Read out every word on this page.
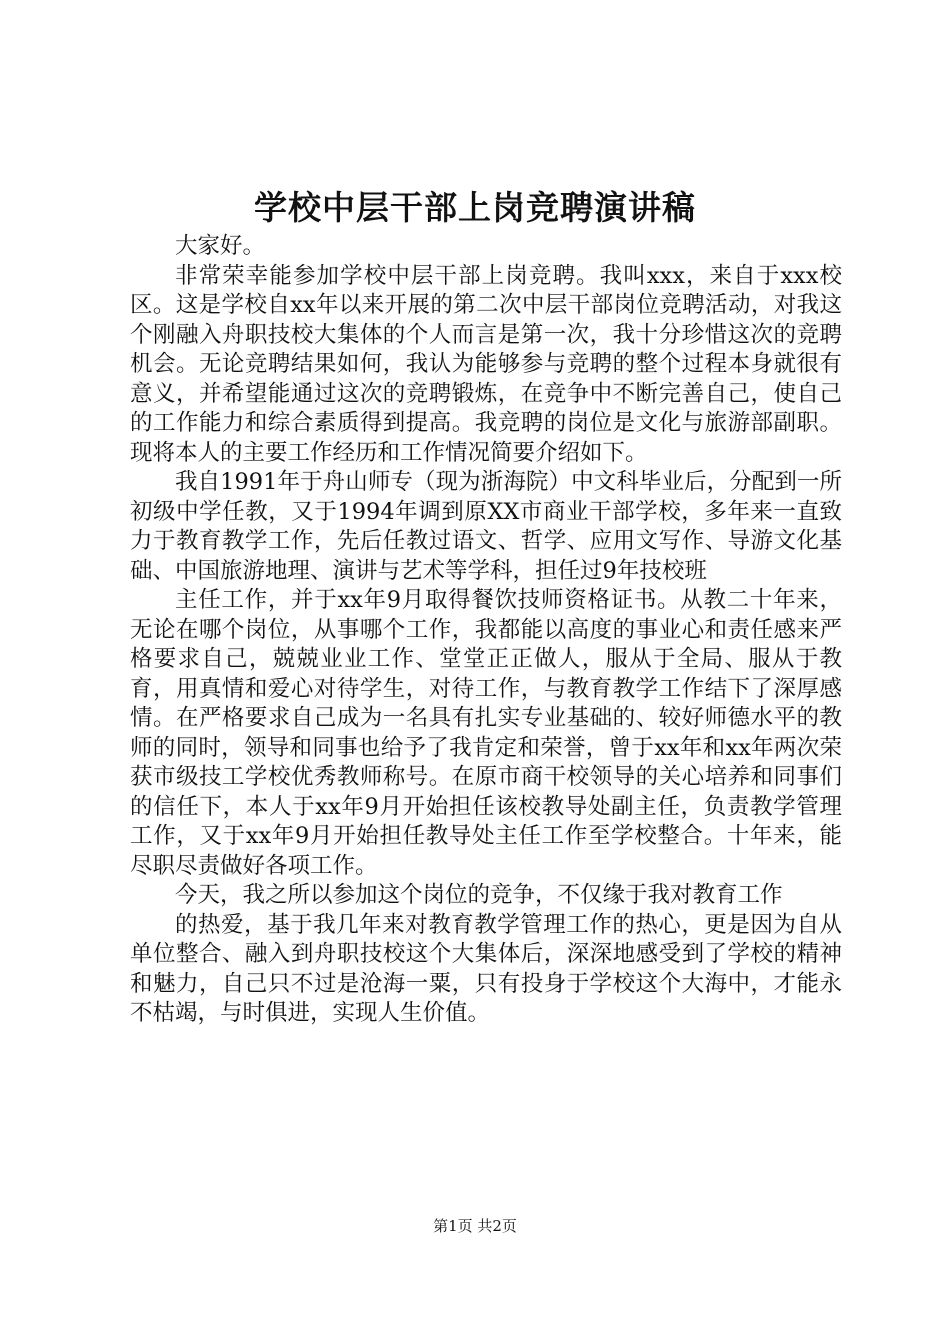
学校中层干部上岗竞聘演讲稿

大家好。

非常荣幸能参加学校中层干部上岗竞聘。我叫xxx，来自于xxx校区。这是学校自xx年以来开展的第二次中层干部岗位竞聘活动，对我这个刚融入舟职技校大集体的个人而言是第一次，我十分珍惜这次的竞聘机会。无论竞聘结果如何，我认为能够参与竞聘的整个过程本身就很有意义，并希望能通过这次的竞聘锻炼，在竞争中不断完善自己，使自己的工作能力和综合素质得到提高。我竞聘的岗位是文化与旅游部副职。现将本人的主要工作经历和工作情况简要介绍如下。

我自1991年于舟山师专（现为浙海院）中文科毕业后，分配到一所初级中学任教，又于1994年调到原XX市商业干部学校，多年来一直致力于教育教学工作，先后任教过语文、哲学、应用文写作、导游文化基础、中国旅游地理、演讲与艺术等学科，担任过9年技校班

主任工作，并于xx年9月取得餐饮技师资格证书。从教二十年来，无论在哪个岗位，从事哪个工作，我都能以高度的事业心和责任感来严格要求自己，兢兢业业工作、堂堂正正做人，服从于全局、服从于教育，用真情和爱心对待学生，对待工作，与教育教学工作结下了深厚感情。在严格要求自己成为一名具有扎实专业基础的、较好师德水平的教师的同时，领导和同事也给予了我肯定和荣誉，曾于xx年和xx年两次荣获市级技工学校优秀教师称号。在原市商干校领导的关心培养和同事们的信任下，本人于xx年9月开始担任该校教导处副主任，负责教学管理工作，又于xx年9月开始担任教导处主任工作至学校整合。十年来，能尽职尽责做好各项工作。

今天，我之所以参加这个岗位的竞争，不仅缘于我对教育工作

的热爱，基于我几年来对教育教学管理工作的热心，更是因为自从单位整合、融入到舟职技校这个大集体后，深深地感受到了学校的精神和魅力，自己只不过是沧海一粟，只有投身于学校这个大海中，才能永不枯竭，与时俱进，实现人生价值。

第1页 共2页
